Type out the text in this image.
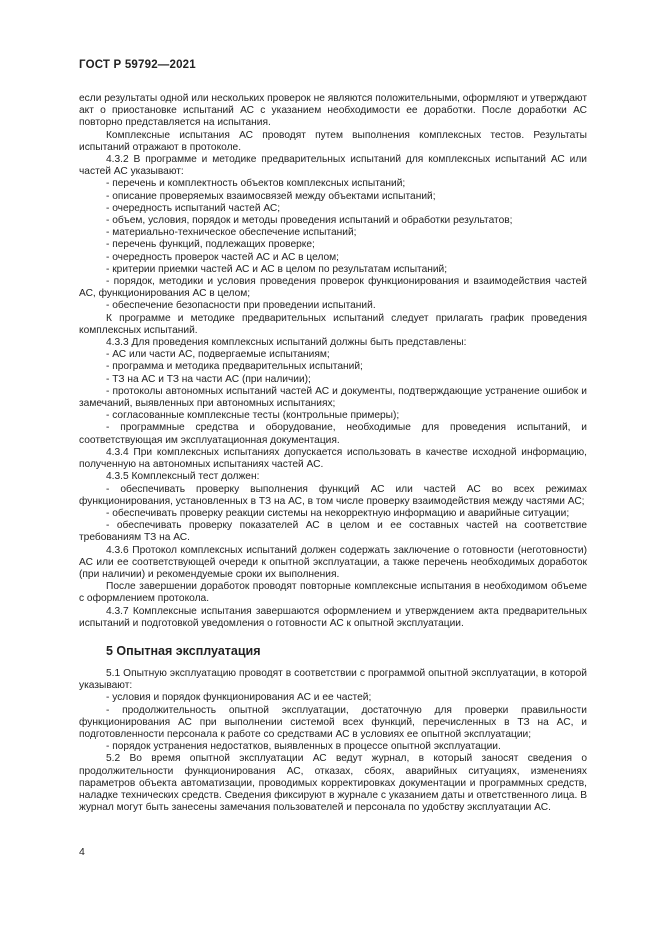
ГОСТ Р 59792—2021

если результаты одной или нескольких проверок не являются положительными, оформляют и утверждают акт о приостановке испытаний АС с указанием необходимости ее доработки. После доработки АС повторно представляется на испытания.

Комплексные испытания АС проводят путем выполнения комплексных тестов. Результаты испытаний отражают в протоколе.

4.3.2 В программе и методике предварительных испытаний для комплексных испытаний АС или частей АС указывают:

- перечень и комплектность объектов комплексных испытаний;

- описание проверяемых взаимосвязей между объектами испытаний;

- очередность испытаний частей АС;

- объем, условия, порядок и методы проведения испытаний и обработки результатов;

- материально-техническое обеспечение испытаний;

- перечень функций, подлежащих проверке;

- очередность проверок частей АС и АС в целом;

- критерии приемки частей АС и АС в целом по результатам испытаний;

- порядок, методики и условия проведения проверок функционирования и взаимодействия частей АС, функционирования АС в целом;

- обеспечение безопасности при проведении испытаний.

К программе и методике предварительных испытаний следует прилагать график проведения комплексных испытаний.

4.3.3 Для проведения комплексных испытаний должны быть представлены:

- АС или части АС, подвергаемые испытаниям;

- программа и методика предварительных испытаний;

- ТЗ на АС и ТЗ на части АС (при наличии);

- протоколы автономных испытаний частей АС и документы, подтверждающие устранение ошибок и замечаний, выявленных при автономных испытаниях;

- согласованные комплексные тесты (контрольные примеры);

- программные средства и оборудование, необходимые для проведения испытаний, и соответствующая им эксплуатационная документация.

4.3.4 При комплексных испытаниях допускается использовать в качестве исходной информацию, полученную на автономных испытаниях частей АС.

4.3.5 Комплексный тест должен:

- обеспечивать проверку выполнения функций АС или частей АС во всех режимах функционирования, установленных в ТЗ на АС, в том числе проверку взаимодействия между частями АС;

- обеспечивать проверку реакции системы на некорректную информацию и аварийные ситуации;

- обеспечивать проверку показателей АС в целом и ее составных частей на соответствие требованиям ТЗ на АС.

4.3.6 Протокол комплексных испытаний должен содержать заключение о готовности (неготовности) АС или ее соответствующей очереди к опытной эксплуатации, а также перечень необходимых доработок (при наличии) и рекомендуемые сроки их выполнения.

После завершении доработок проводят повторные комплексные испытания в необходимом объеме с оформлением протокола.

4.3.7 Комплексные испытания завершаются оформлением и утверждением акта предварительных испытаний и подготовкой уведомления о готовности АС к опытной эксплуатации.

5 Опытная эксплуатация

5.1 Опытную эксплуатацию проводят в соответствии с программой опытной эксплуатации, в которой указывают:

- условия и порядок функционирования АС и ее частей;

- продолжительность опытной эксплуатации, достаточную для проверки правильности функционирования АС при выполнении системой всех функций, перечисленных в ТЗ на АС, и подготовленности персонала к работе со средствами АС в условиях ее опытной эксплуатации;

- порядок устранения недостатков, выявленных в процессе опытной эксплуатации.

5.2 Во время опытной эксплуатации АС ведут журнал, в который заносят сведения о продолжительности функционирования АС, отказах, сбоях, аварийных ситуациях, изменениях параметров объекта автоматизации, проводимых корректировках документации и программных средств, наладке технических средств. Сведения фиксируют в журнале с указанием даты и ответственного лица. В журнал могут быть занесены замечания пользователей и персонала по удобству эксплуатации АС.

4
